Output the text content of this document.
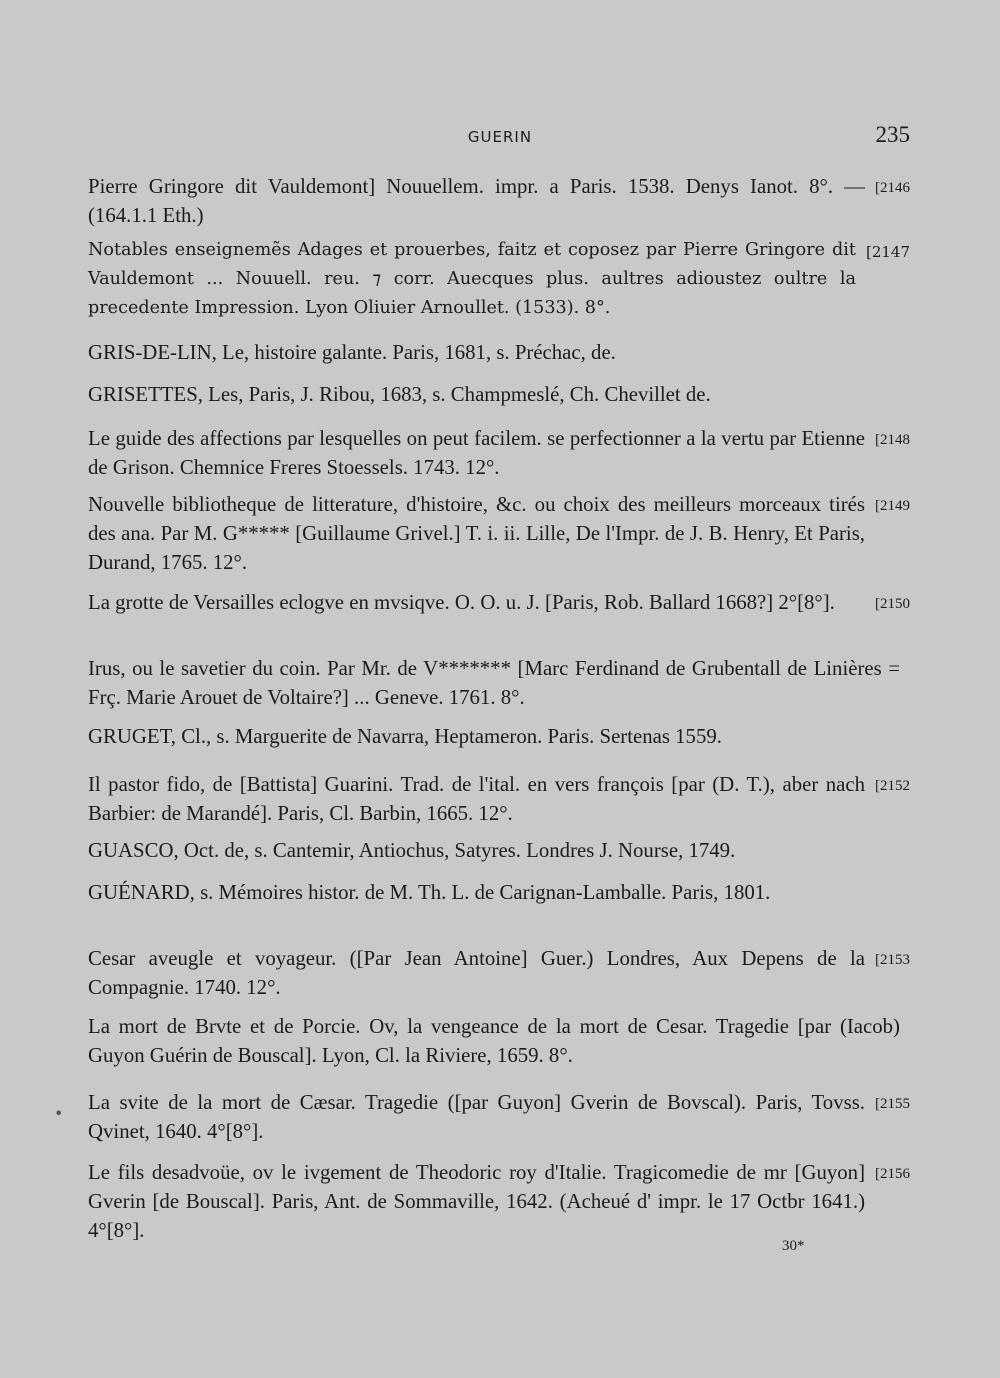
GUERIN	235
[2146
Pierre Gringore dit Vauldemont] Nouuellem. impr. a Paris. 1538. Denys Ianot. 8°. — (164.1.1 Eth.)
[2147
Notables enseignemẽs Adages et prouerbes, faitz et coposez par Pierre Gringore dit Vauldemont ... Nouuell. reu. ⁊ corr. Auecques plus. aultres adioustez oultre la precedente Impression. Lyon Oliuier Arnoullet. (1533). 8°.
GRIS-DE-LIN, Le, histoire galante. Paris, 1681, s. Préchac, de.
GRISETTES, Les, Paris, J. Ribou, 1683, s. Champmeslé, Ch. Chevillet de.
[2148
Le guide des affections par lesquelles on peut facilem. se perfectionner a la vertu par Etienne de Grison. Chemnice Freres Stoessels. 1743. 12°.
[2149
Nouvelle bibliotheque de litterature, d'histoire, &c. ou choix des meilleurs morceaux tirés des ana. Par M. G***** [Guillaume Grivel.] T. i. ii. Lille, De l'Impr. de J. B. Henry, Et Paris, Durand, 1765. 12°.
[2150
La grotte de Versailles eclogve en mvsiqve. O. O. u. J. [Paris, Rob. Ballard 1668?] 2°[8°].
Irus, ou le savetier du coin. Par Mr. de V******* [Marc Ferdinand de Grubentall de Linières = Frç. Marie Arouet de Voltaire?] ... Geneve. 1761. 8°.
GRUGET, Cl., s. Marguerite de Navarra, Heptameron. Paris. Sertenas 1559.
[2152
Il pastor fido, de [Battista] Guarini. Trad. de l'ital. en vers françois [par (D. T.), aber nach Barbier: de Marandé]. Paris, Cl. Barbin, 1665. 12°.
GUASCO, Oct. de, s. Cantemir, Antiochus, Satyres. Londres J. Nourse, 1749.
GUÉNARD, s. Mémoires histor. de M. Th. L. de Carignan-Lamballe. Paris, 1801.
[2153
Cesar aveugle et voyageur. ([Par Jean Antoine] Guer.) Londres, Aux Depens de la Compagnie. 1740. 12°.
La mort de Brvte et de Porcie. Ov, la vengeance de la mort de Cesar. Tragedie [par (Iacob) Guyon Guérin de Bouscal]. Lyon, Cl. la Riviere, 1659. 8°.
[2155
La svite de la mort de Cæsar. Tragedie ([par Guyon] Gverin de Bovscal). Paris, Tovss. Qvinet, 1640. 4°[8°].
[2156
Le fils desadvoüe, ov le ivgement de Theodoric roy d'Italie. Tragicomedie de mr [Guyon] Gverin [de Bouscal]. Paris, Ant. de Sommaville, 1642. (Acheué d' impr. le 17 Octbr 1641.) 4°[8°].
•
30*
